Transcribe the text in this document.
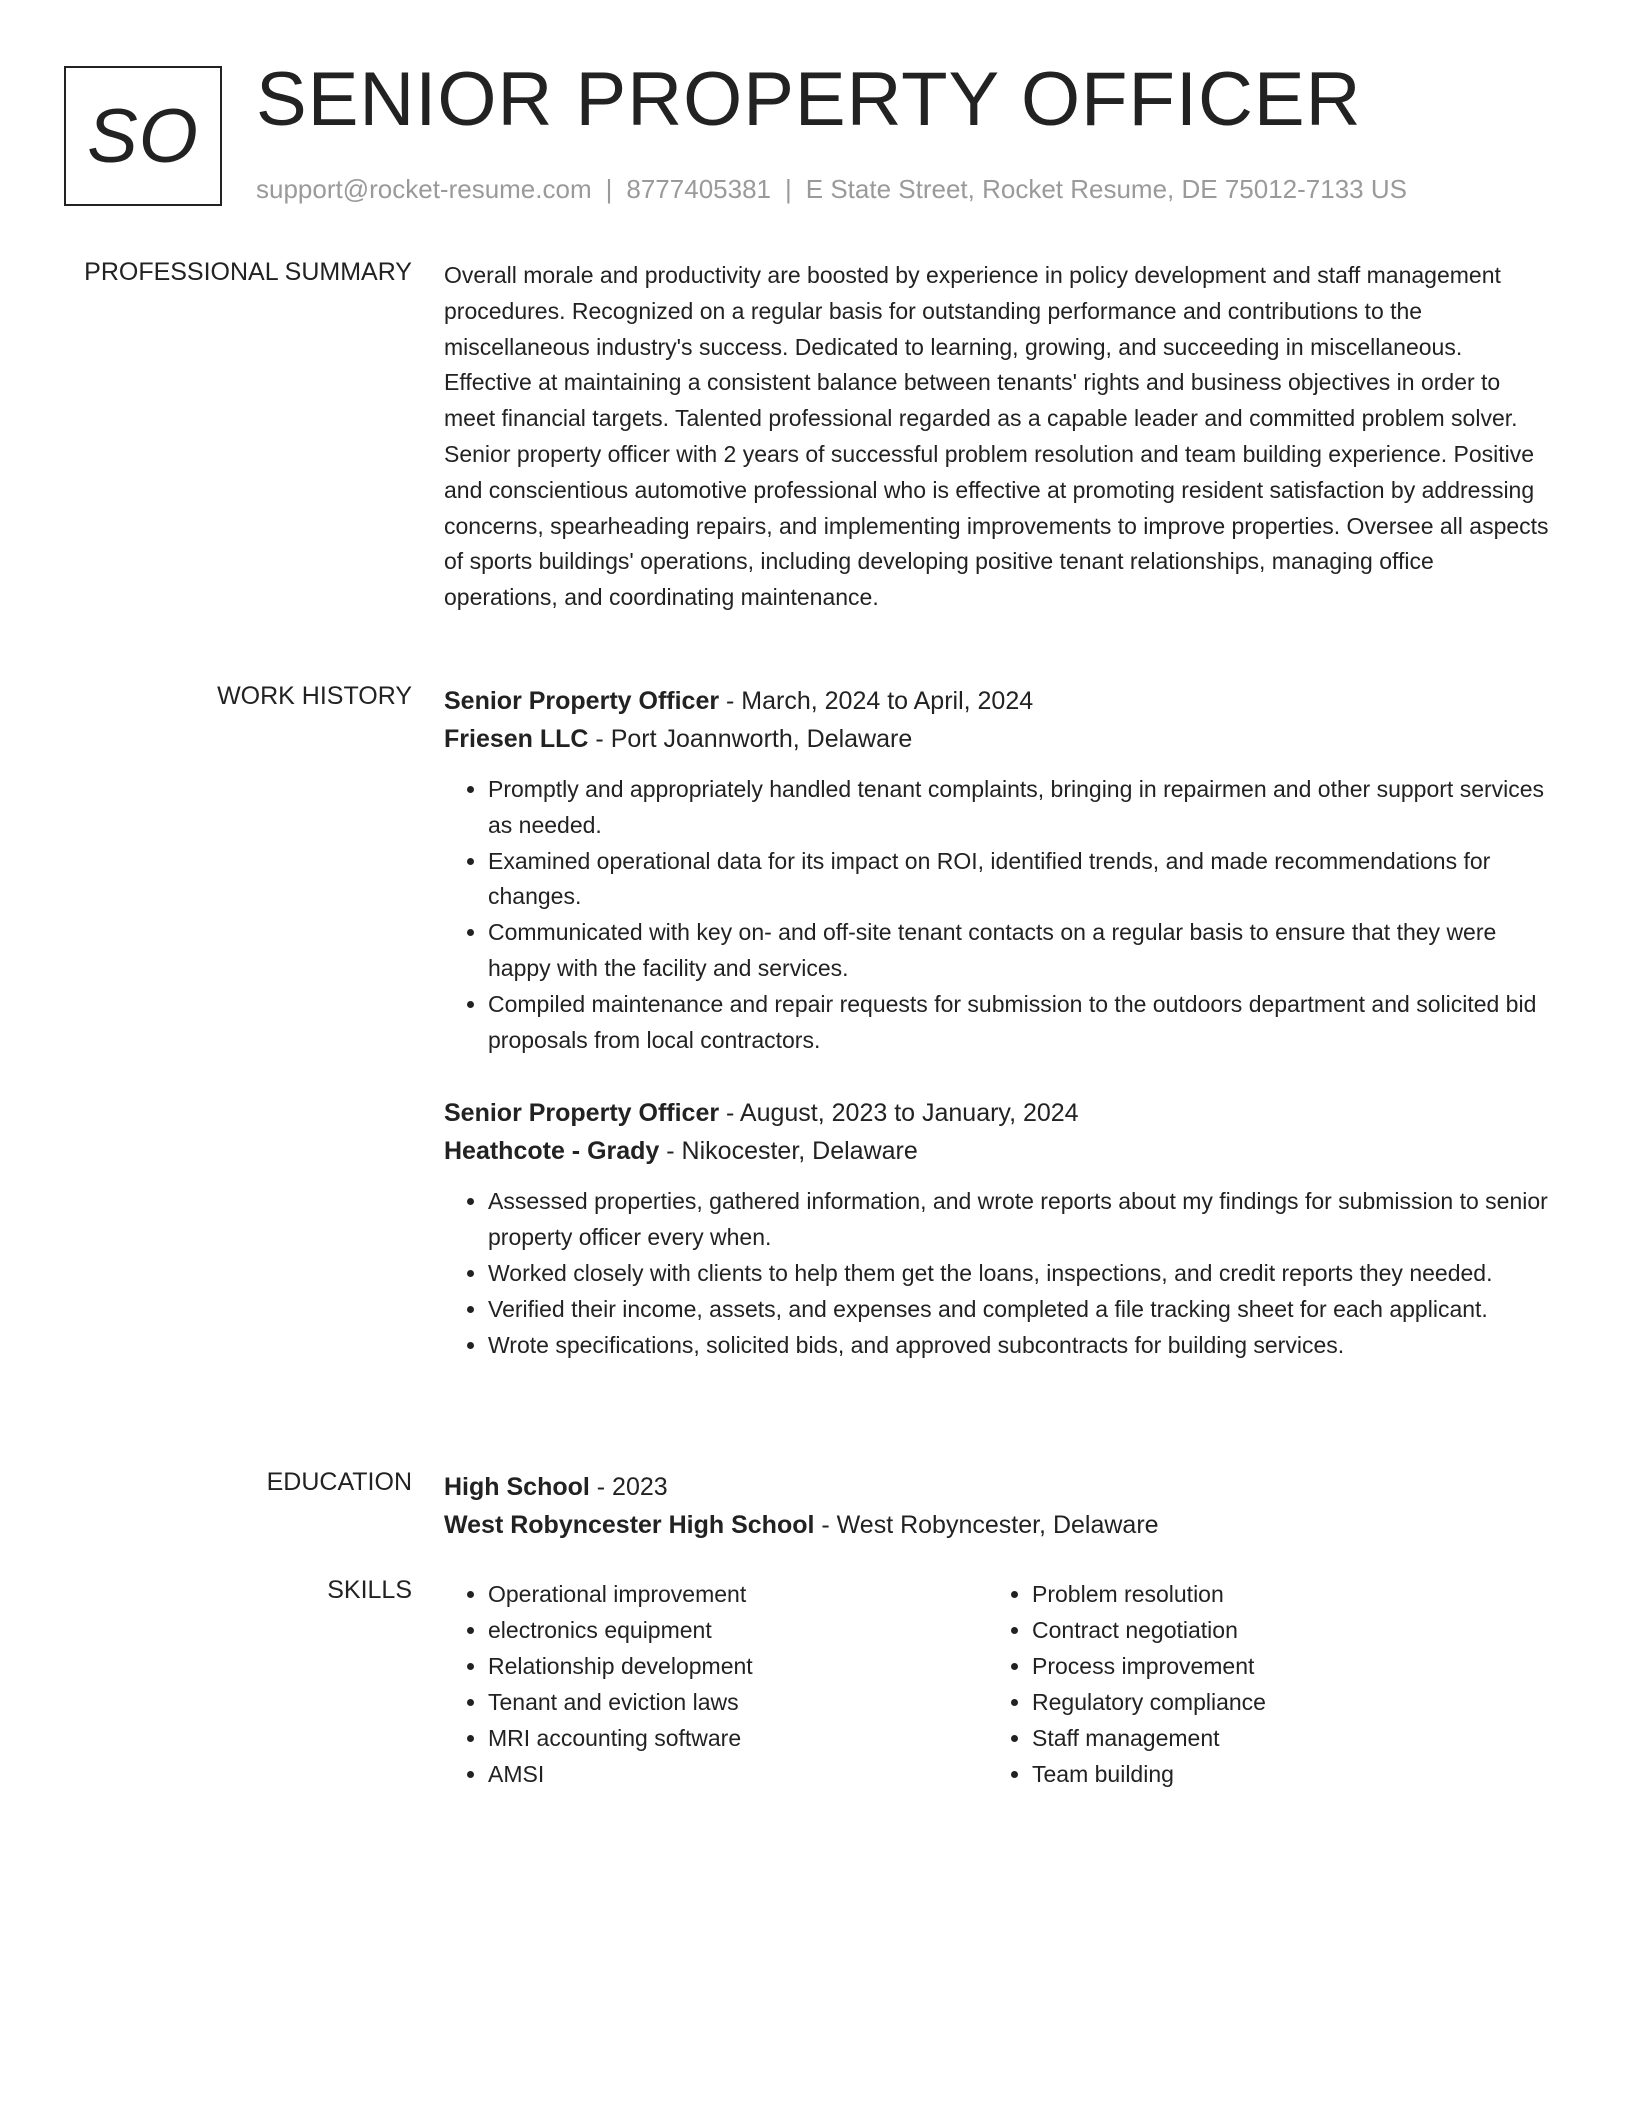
SO SENIOR PROPERTY OFFICER
support@rocket-resume.com | 8777405381 | E State Street, Rocket Resume, DE 75012-7133 US
PROFESSIONAL SUMMARY Overall morale and productivity are boosted by experience in policy development and staff management procedures. Recognized on a regular basis for outstanding performance and contributions to the miscellaneous industry's success. Dedicated to learning, growing, and succeeding in miscellaneous. Effective at maintaining a consistent balance between tenants' rights and business objectives in order to meet financial targets. Talented professional regarded as a capable leader and committed problem solver. Senior property officer with 2 years of successful problem resolution and team building experience. Positive and conscientious automotive professional who is effective at promoting resident satisfaction by addressing concerns, spearheading repairs, and implementing improvements to improve properties. Oversee all aspects of sports buildings' operations, including developing positive tenant relationships, managing office operations, and coordinating maintenance.

WORK HISTORY Senior Property Officer - March, 2024 to April, 2024
Friesen LLC - Port Joannworth, Delaware
• Promptly and appropriately handled tenant complaints, bringing in repairmen and other support services as needed.
• Examined operational data for its impact on ROI, identified trends, and made recommendations for changes.
• Communicated with key on- and off-site tenant contacts on a regular basis to ensure that they were happy with the facility and services.
• Compiled maintenance and repair requests for submission to the outdoors department and solicited bid proposals from local contractors.
Senior Property Officer - August, 2023 to January, 2024
Heathcote - Grady - Nikocester, Delaware
• Assessed properties, gathered information, and wrote reports about my findings for submission to senior property officer every when.
• Worked closely with clients to help them get the loans, inspections, and credit reports they needed.
• Verified their income, assets, and expenses and completed a file tracking sheet for each applicant.
• Wrote specifications, solicited bids, and approved subcontracts for building services.
EDUCATION High School - 2023
West Robyncester High School - West Robyncester, Delaware
SKILLS
•	Operational improvement
• electronics equipment
• Relationship development
• Tenant and eviction laws
• MRI accounting software
• AMSI
• Problem resolution
• Contract negotiation
• Process improvement
• Regulatory compliance
• Staff management
• Team building
